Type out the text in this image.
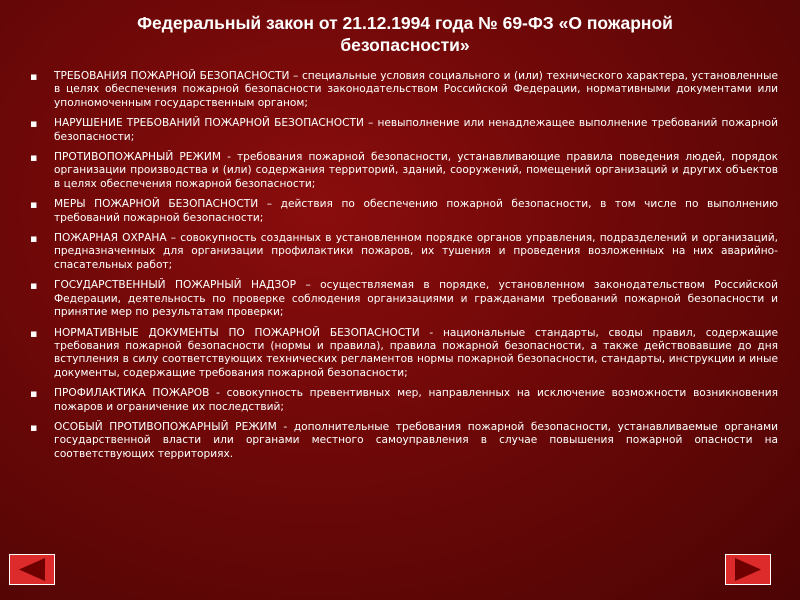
Федеральный закон от 21.12.1994 года № 69-ФЗ «О пожарной
безопасности»
▪ ТРЕБОВАНИЯ ПОЖАРНОЙ БЕЗОПАСНОСТИ – специальные условия социального и (или) технического характера, установленные в целях обеспечения пожарной безопасности законодательством Российской Федерации, нормативными документами или уполномоченным государственным органом;
▪ НАРУШЕНИЕ ТРЕБОВАНИЙ ПОЖАРНОЙ БЕЗОПАСНОСТИ – невыполнение или ненадлежащее выполнение требований пожарной безопасности;
▪ ПРОТИВОПОЖАРНЫЙ РЕЖИМ - требования пожарной безопасности, устанавливающие правила поведения людей, порядок организации производства и (или) содержания территорий, зданий, сооружений, помещений организаций и других объектов в целях обеспечения пожарной безопасности;
▪ МЕРЫ ПОЖАРНОЙ БЕЗОПАСНОСТИ – действия по обеспечению пожарной безопасности, в том числе по выполнению требований пожарной безопасности;
▪ ПОЖАРНАЯ ОХРАНА – совокупность созданных в установленном порядке органов управления, подразделений и организаций, предназначенных для организации профилактики пожаров, их тушения и проведения возложенных на них аварийно-спасательных работ;
▪ ГОСУДАРСТВЕННЫЙ ПОЖАРНЫЙ НАДЗОР – осуществляемая в порядке, установленном законодательством Российской Федерации, деятельность по проверке соблюдения организациями и гражданами требований пожарной безопасности и принятие мер по результатам проверки;
▪ НОРМАТИВНЫЕ ДОКУМЕНТЫ ПО ПОЖАРНОЙ БЕЗОПАСНОСТИ - национальные стандарты, своды правил, содержащие требования пожарной безопасности (нормы и правила), правила пожарной безопасности, а также действовавшие до дня вступления в силу соответствующих технических регламентов нормы пожарной безопасности, стандарты, инструкции и иные документы, содержащие требования пожарной безопасности;
▪ ПРОФИЛАКТИКА ПОЖАРОВ - совокупность превентивных мер, направленных на исключение возможности возникновения пожаров и ограничение их последствий;
▪ ОСОБЫЙ ПРОТИВОПОЖАРНЫЙ РЕЖИМ - дополнительные требования пожарной безопасности, устанавливаемые органами государственной власти или органами местного самоуправления в случае повышения пожарной опасности на соответствующих территориях.
